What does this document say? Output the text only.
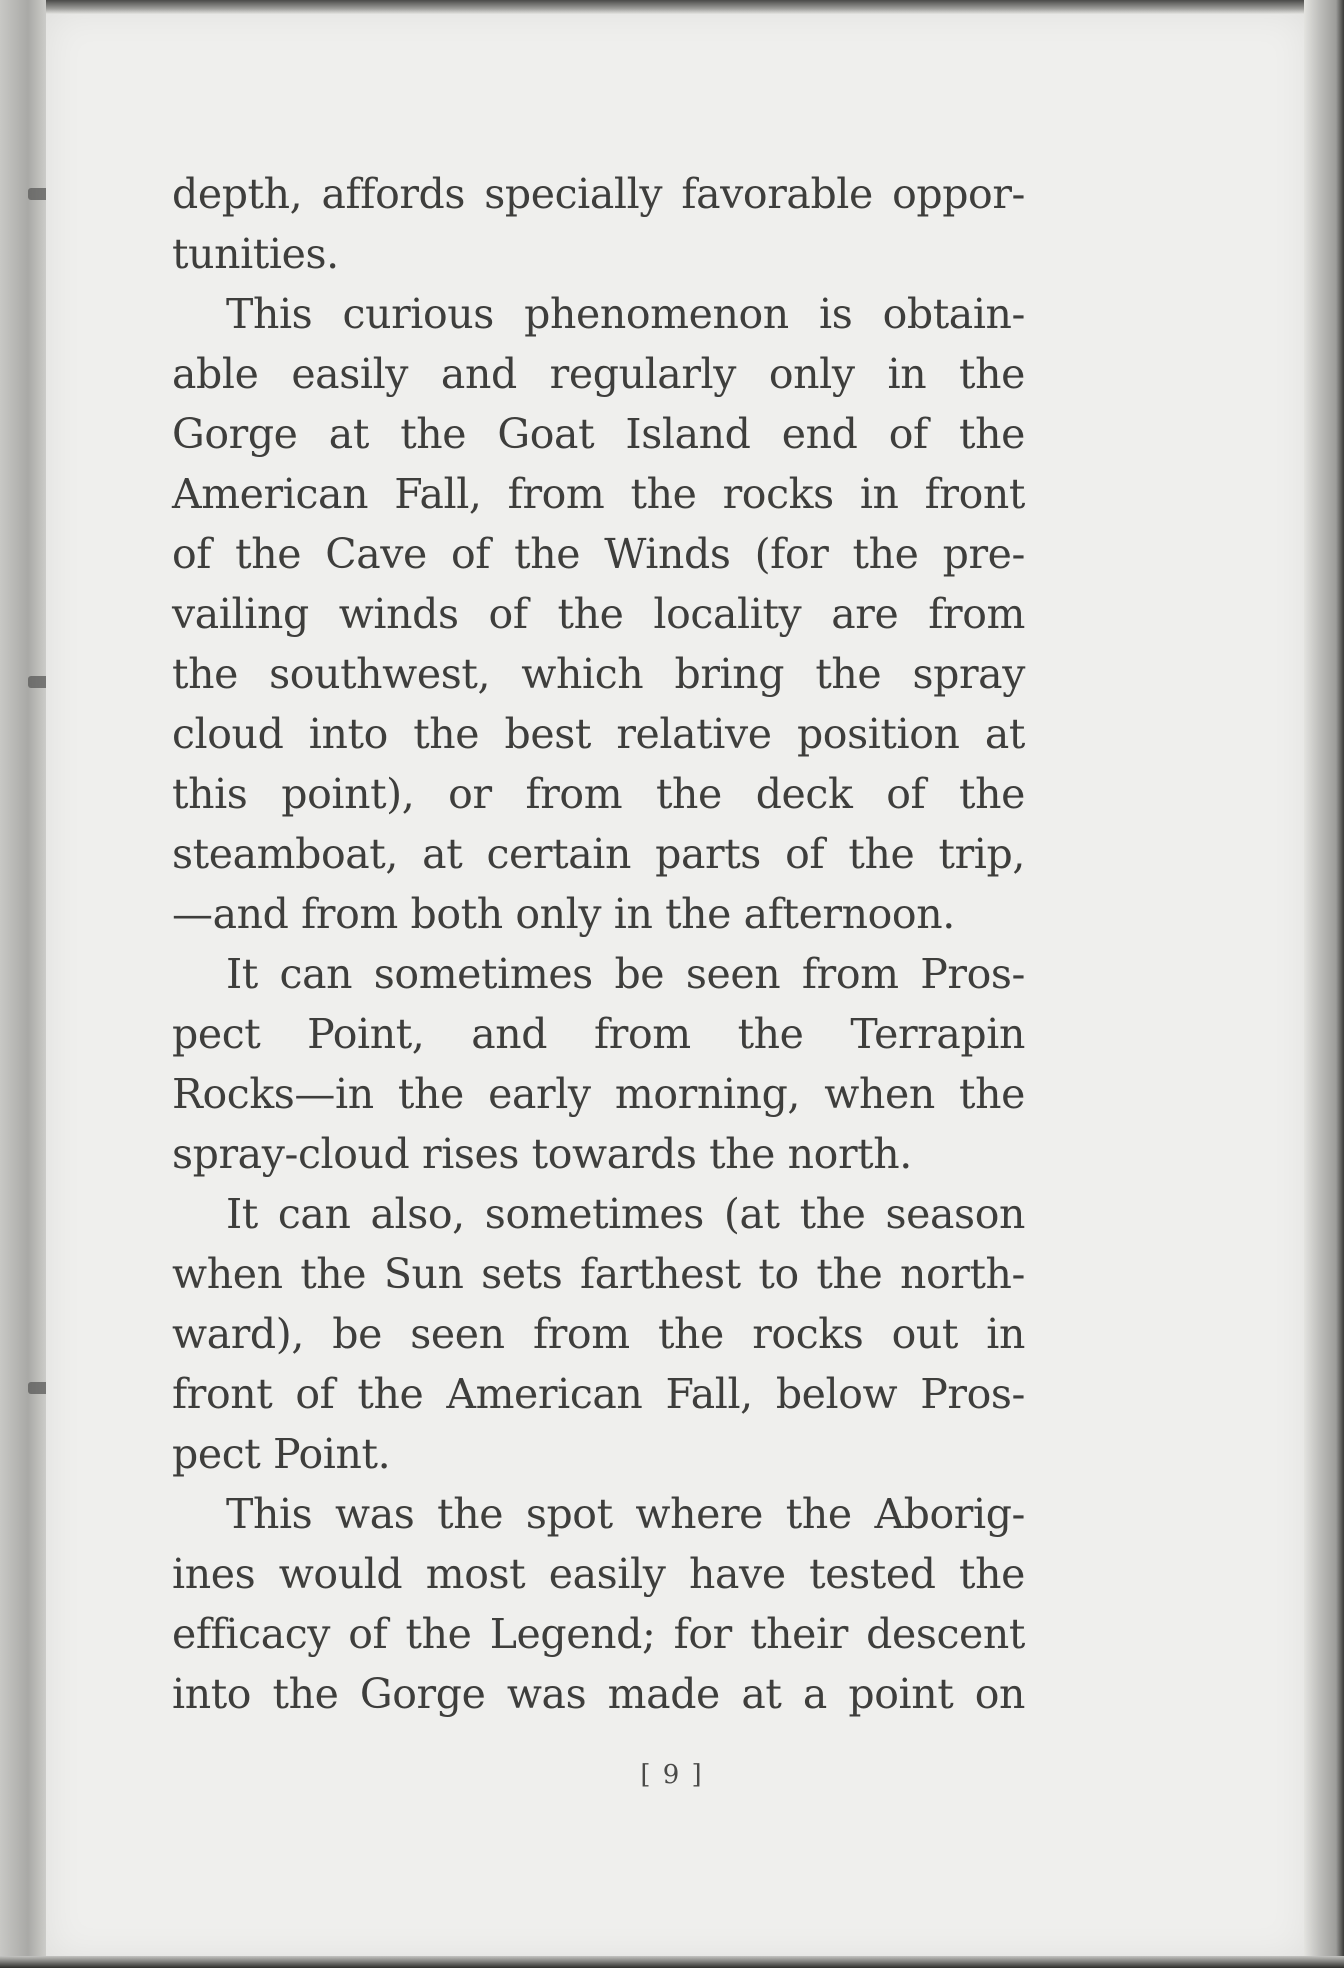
depth, affords specially favorable oppor-
tunities.
This curious phenomenon is obtain-
able easily and regularly only in the
Gorge at the Goat Island end of the
American Fall, from the rocks in front
of the Cave of the Winds (for the pre-
vailing winds of the locality are from
the southwest, which bring the spray
cloud into the best relative position at
this point), or from the deck of the
steamboat, at certain parts of the trip,
—and from both only in the afternoon.
It can sometimes be seen from Pros-
pect Point, and from the Terrapin
Rocks—in the early morning, when the
spray-cloud rises towards the north.
It can also, sometimes (at the season
when the Sun sets farthest to the north-
ward), be seen from the rocks out in
front of the American Fall, below Pros-
pect Point.
This was the spot where the Aborig-
ines would most easily have tested the
efficacy of the Legend; for their descent
into the Gorge was made at a point on
[ 9 ]
